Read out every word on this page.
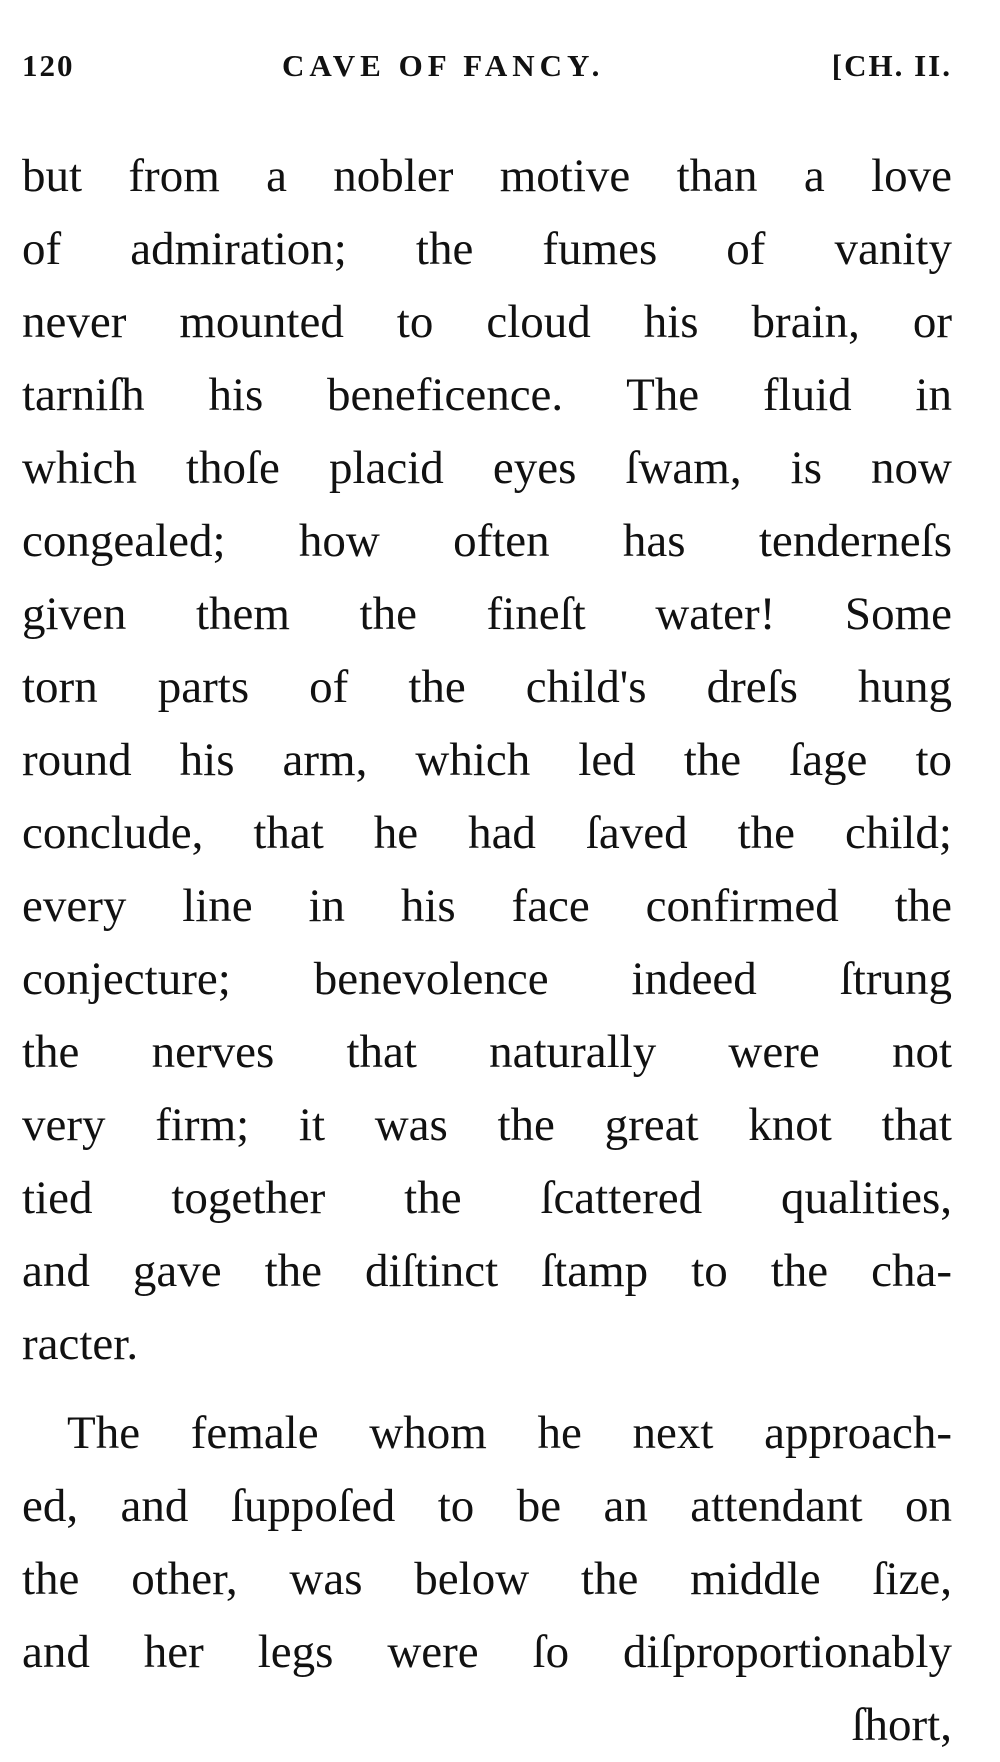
120	CAVE OF FANCY.	[CH. II.
but from a nobler motive than a love
of admiration; the fumes of vanity
never mounted to cloud his brain, or
tarniſh his beneficence. The fluid in
which thoſe placid eyes ſwam, is now
congealed; how often has tenderneſs
given them the fineſt water! Some
torn parts of the child's dreſs hung
round his arm, which led the ſage to
conclude, that he had ſaved the child;
every line in his face confirmed the
conjecture; benevolence indeed ſtrung
the nerves that naturally were not
very firm; it was the great knot that
tied together the ſcattered qualities,
and gave the diſtinct ſtamp to the cha-
racter.
The female whom he next approach-
ed, and ſuppoſed to be an attendant on
the other, was below the middle ſize,
and her legs were ſo diſproportionably
ſhort,
